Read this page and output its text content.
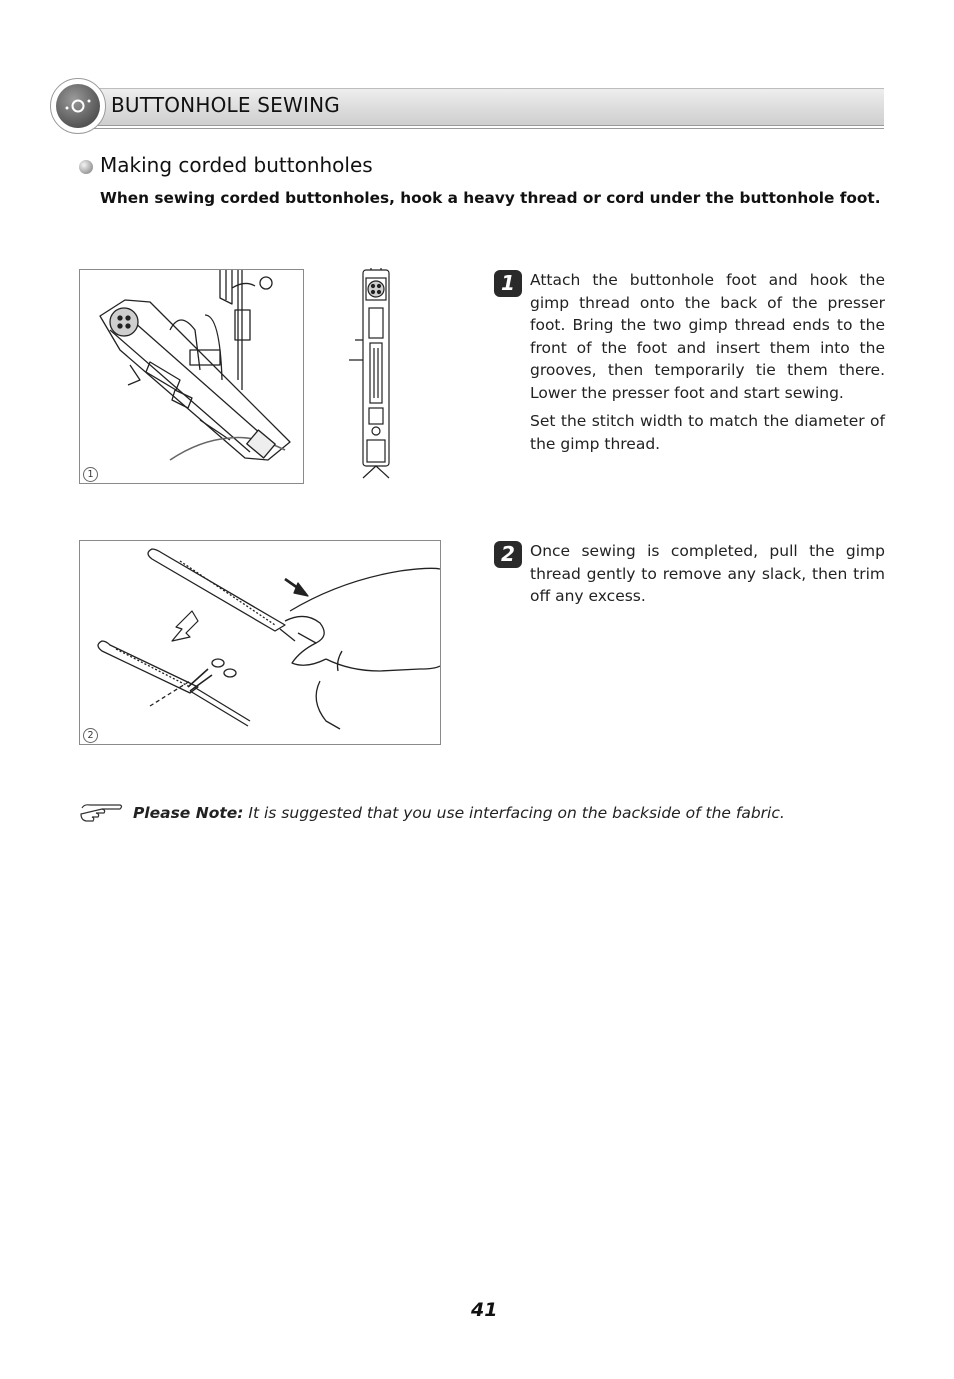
BUTTONHOLE SEWING
Making corded buttonholes
When sewing corded buttonholes, hook a heavy thread or cord under the buttonhole foot.
1
2
1 Attach the buttonhole foot and hook the gimp thread onto the back of the presser foot. Bring the two gimp thread ends to the front of the foot and insert them into the grooves, then temporarily tie them there. Lower the presser foot and start sewing.

Set the stitch width to match the diameter of the gimp thread.

2 Once sewing is completed, pull the gimp thread gently to remove any slack, then trim off any excess.

Please Note: It is suggested that you use interfacing on the backside of the fabric.
41
